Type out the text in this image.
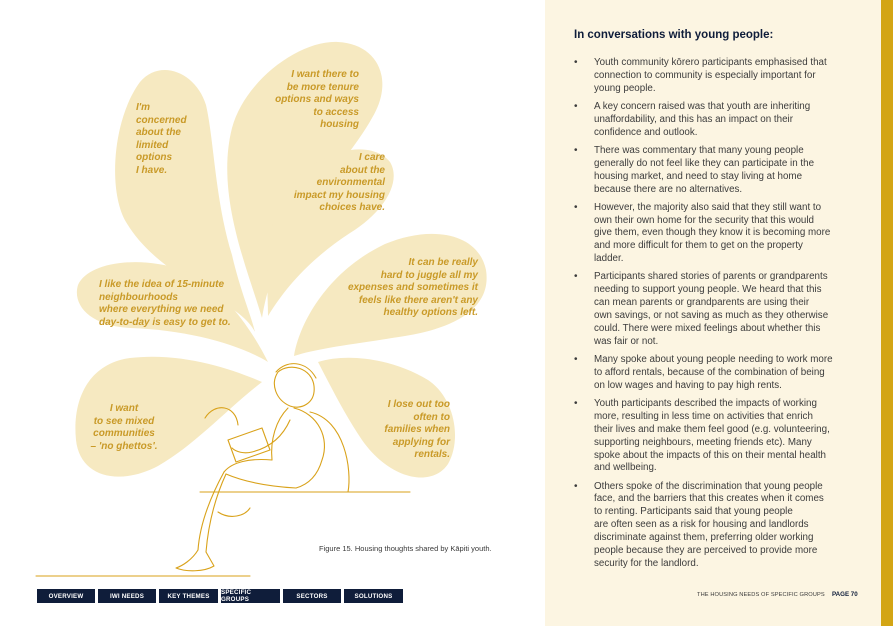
I'm
concerned
about the
limited
options
I have.

I want there to
be more tenure
options and ways
to access
housing

I care
about the
environmental
impact my housing
choices have.

It can be really
hard to juggle all my
expenses and sometimes it
feels like there aren't any
healthy options left.

I like the idea of 15-minute
neighbourhoods
where everything we need
day-to-day is easy to get to.

I want
to see mixed
communities
– 'no ghettos'.

I lose out too
often to
families when
applying for
rentals.

Figure 15. Housing thoughts shared by Kāpiti youth.
OVERVIEW	IWI NEEDS	KEY THEMES	SPECIFIC GROUPS	SECTORS	SOLUTIONS
In conversations with young people:
• Youth community kōrero participants emphasised that
connection to community is especially important for
young people.
• A key concern raised was that youth are inheriting
unaffordability, and this has an impact on their
confidence and outlook.
• There was commentary that many young people
generally do not feel like they can participate in the
housing market, and need to stay living at home
because there are no alternatives.
• However, the majority also said that they still want to
own their own home for the security that this would
give them, even though they know it is becoming more
and more difficult for them to get on the property
ladder.
• Participants shared stories of parents or grandparents
needing to support young people. We heard that this
can mean parents or grandparents are using their
own savings, or not saving as much as they otherwise
could. There were mixed feelings about whether this
was fair or not.
• Many spoke about young people needing to work more
to afford rentals, because of the combination of being
on low wages and having to pay high rents.
• Youth participants described the impacts of working
more, resulting in less time on activities that enrich
their lives and make them feel good (e.g. volunteering,
supporting neighbours, meeting friends etc). Many
spoke about the impacts of this on their mental health
and wellbeing.
• Others spoke of the discrimination that young people
face, and the barriers that this creates when it comes
to renting. Participants said that young people
are often seen as a risk for housing and landlords
discriminate against them, preferring older working
people because they are perceived to provide more
security for the landlord.
THE HOUSING NEEDS OF SPECIFIC GROUPS PAGE 70
